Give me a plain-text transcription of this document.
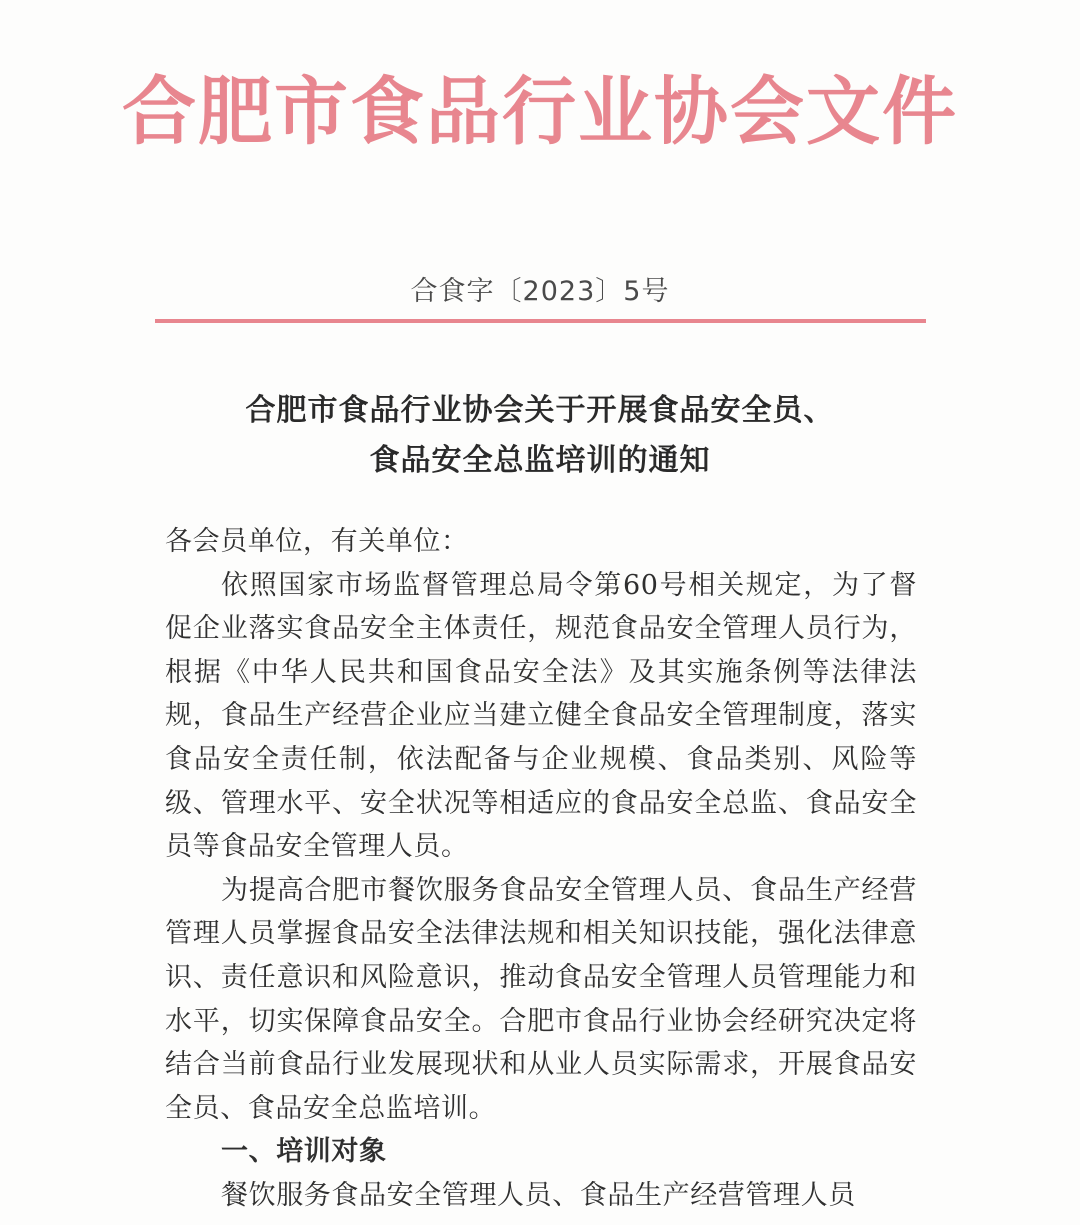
合肥市食品行业协会文件
合食字〔2023〕5号
合肥市食品行业协会关于开展食品安全员、
食品安全总监培训的通知

各会员单位，有关单位：

依照国家市场监督管理总局令第60号相关规定，为了督促企业落实食品安全主体责任，规范食品安全管理人员行为，根据《中华人民共和国食品安全法》及其实施条例等法律法规，食品生产经营企业应当建立健全食品安全管理制度，落实食品安全责任制，依法配备与企业规模、食品类别、风险等级、管理水平、安全状况等相适应的食品安全总监、食品安全员等食品安全管理人员。

为提高合肥市餐饮服务食品安全管理人员、食品生产经营管理人员掌握食品安全法律法规和相关知识技能，强化法律意识、责任意识和风险意识，推动食品安全管理人员管理能力和水平，切实保障食品安全。合肥市食品行业协会经研究决定将结合当前食品行业发展现状和从业人员实际需求，开展食品安全员、食品安全总监培训。

一、培训对象

餐饮服务食品安全管理人员、食品生产经营管理人员
